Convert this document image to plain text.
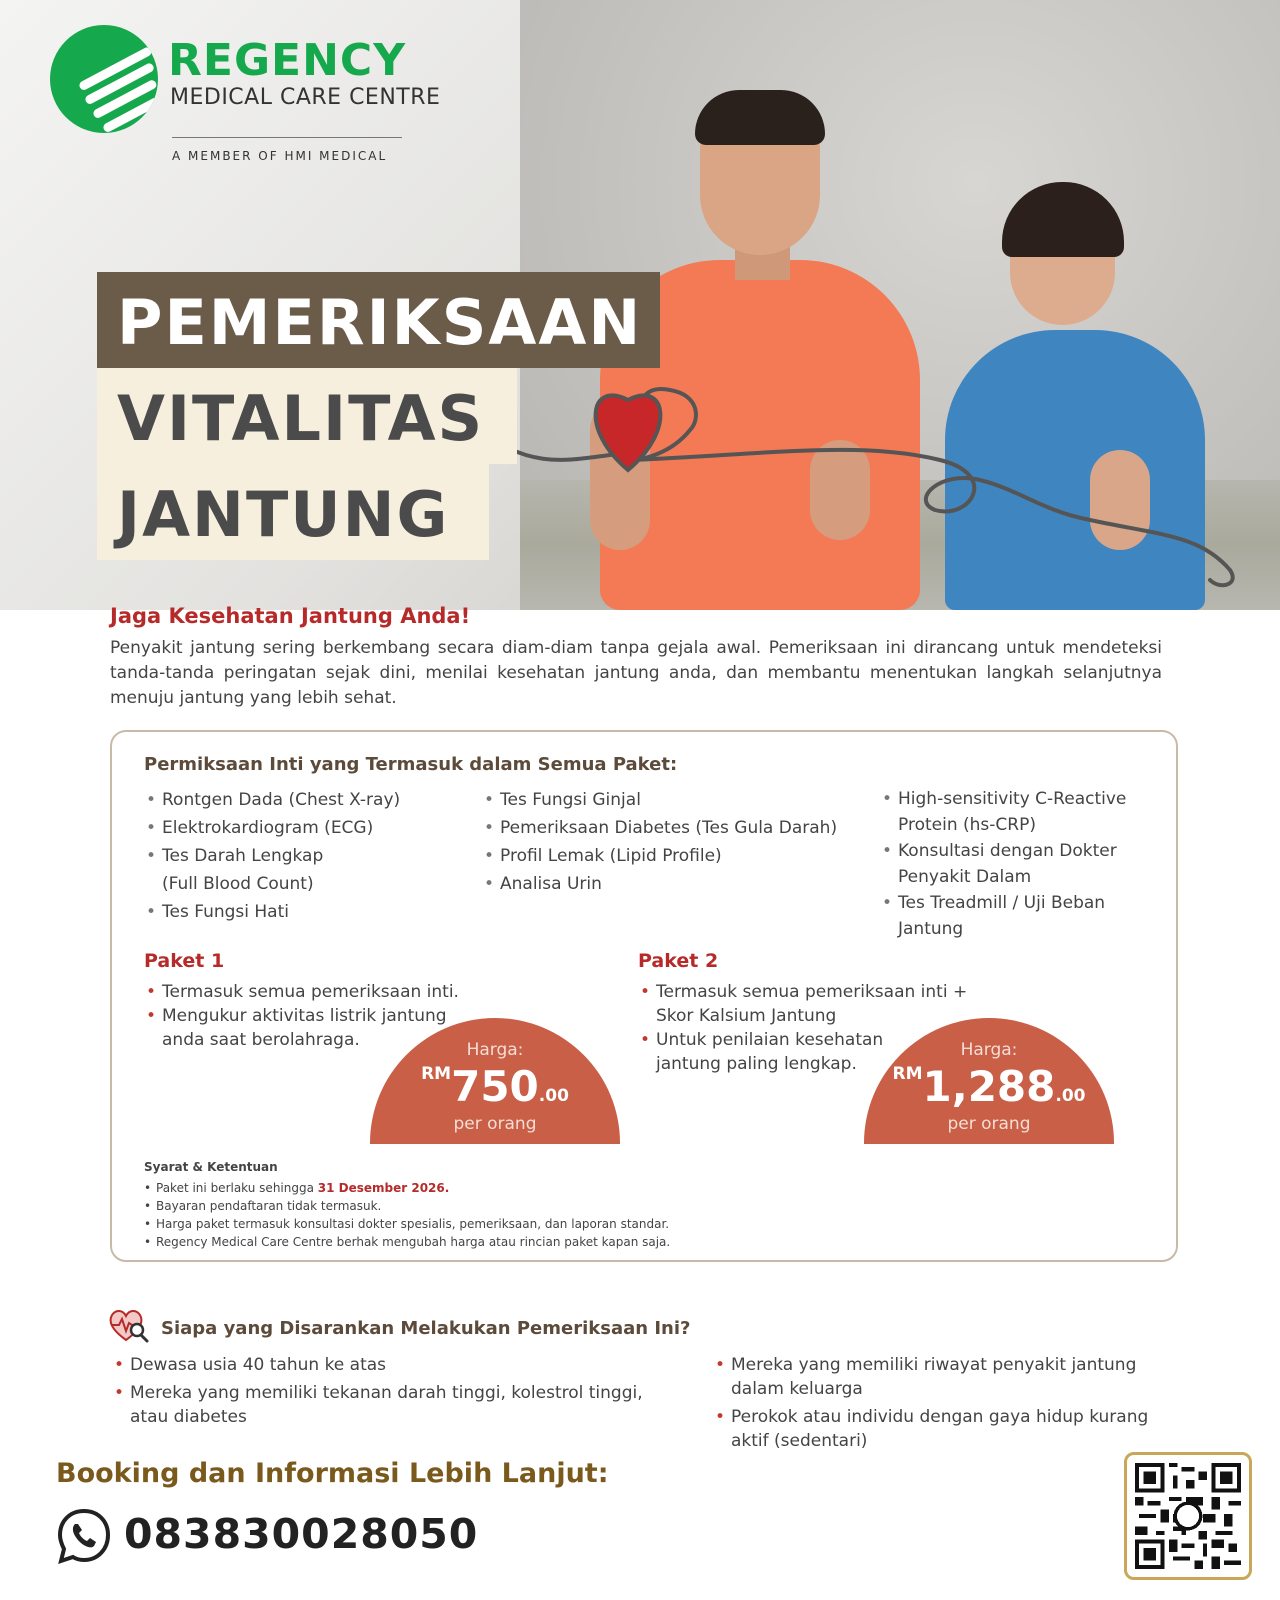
REGENCY
MEDICAL CARE CENTRE
A MEMBER OF HMI MEDICAL
PEMERIKSAAN
VITALITAS
JANTUNG
Jaga Kesehatan Jantung Anda!
Penyakit jantung sering berkembang secara diam-diam tanpa gejala awal. Pemeriksaan ini dirancang untuk mendeteksi tanda-tanda peringatan sejak dini, menilai kesehatan jantung anda, dan membantu menentukan langkah selanjutnya menuju jantung yang lebih sehat.
Permiksaan Inti yang Termasuk dalam Semua Paket:
• Rontgen Dada (Chest X-ray)
• Elektrokardiogram (ECG)
• Tes Darah Lengkap
(Full Blood Count)
• Tes Fungsi Hati
• Tes Fungsi Ginjal
• Pemeriksaan Diabetes (Tes Gula Darah)
• Profil Lemak (Lipid Profile)
• Analisa Urin
• High-sensitivity C-Reactive
Protein (hs-CRP)
• Konsultasi dengan Dokter
Penyakit Dalam
• Tes Treadmill / Uji Beban
Jantung
Paket 1
• Termasuk semua pemeriksaan inti.
• Mengukur aktivitas listrik jantung
anda saat berolahraga.	Harga:
RM750.00
per orang
Paket 2
• Termasuk semua pemeriksaan inti +
Skor Kalsium Jantung
• Untuk penilaian kesehatan
jantung paling lengkap.
Harga:
RM1,288.00
per orang
Syarat & Ketentuan
• Paket ini berlaku sehingga 31 Desember 2026.
• Bayaran pendaftaran tidak termasuk.
• Harga paket termasuk konsultasi dokter spesialis, pemeriksaan, dan laporan standar.
• Regency Medical Care Centre berhak mengubah harga atau rincian paket kapan saja.
Siapa yang Disarankan Melakukan Pemeriksaan Ini?
• Dewasa usia 40 tahun ke atas
• Mereka yang memiliki tekanan darah tinggi, kolestrol tinggi, atau diabetes
• Mereka yang memiliki riwayat penyakit jantung dalam keluarga
• Perokok atau individu dengan gaya hidup kurang aktif (sedentari)
Booking dan Informasi Lebih Lanjut:
083830028050
